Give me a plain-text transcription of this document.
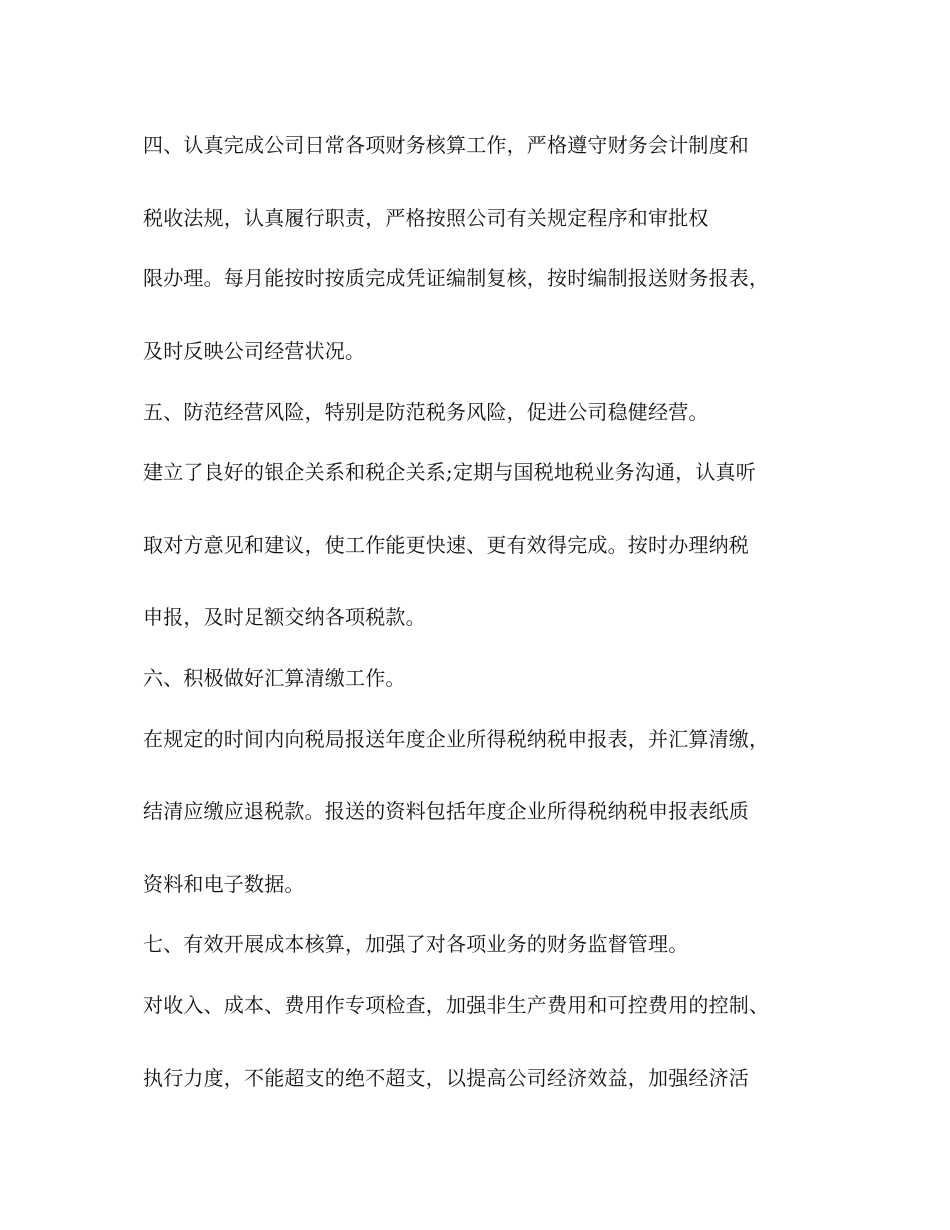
四、认真完成公司日常各项财务核算工作，严格遵守财务会计制度和

税收法规，认真履行职责，严格按照公司有关规定程序和审批权

限办理。每月能按时按质完成凭证编制复核，按时编制报送财务报表，

及时反映公司经营状况。

五、防范经营风险，特别是防范税务风险，促进公司稳健经营。

建立了良好的银企关系和税企关系;定期与国税地税业务沟通，认真听

取对方意见和建议，使工作能更快速、更有效得完成。按时办理纳税

申报，及时足额交纳各项税款。

六、积极做好汇算清缴工作。

在规定的时间内向税局报送年度企业所得税纳税申报表，并汇算清缴，

结清应缴应退税款。报送的资料包括年度企业所得税纳税申报表纸质

资料和电子数据。

七、有效开展成本核算，加强了对各项业务的财务监督管理。

对收入、成本、费用作专项检查，加强非生产费用和可控费用的控制、

执行力度，不能超支的绝不超支，以提高公司经济效益，加强经济活
